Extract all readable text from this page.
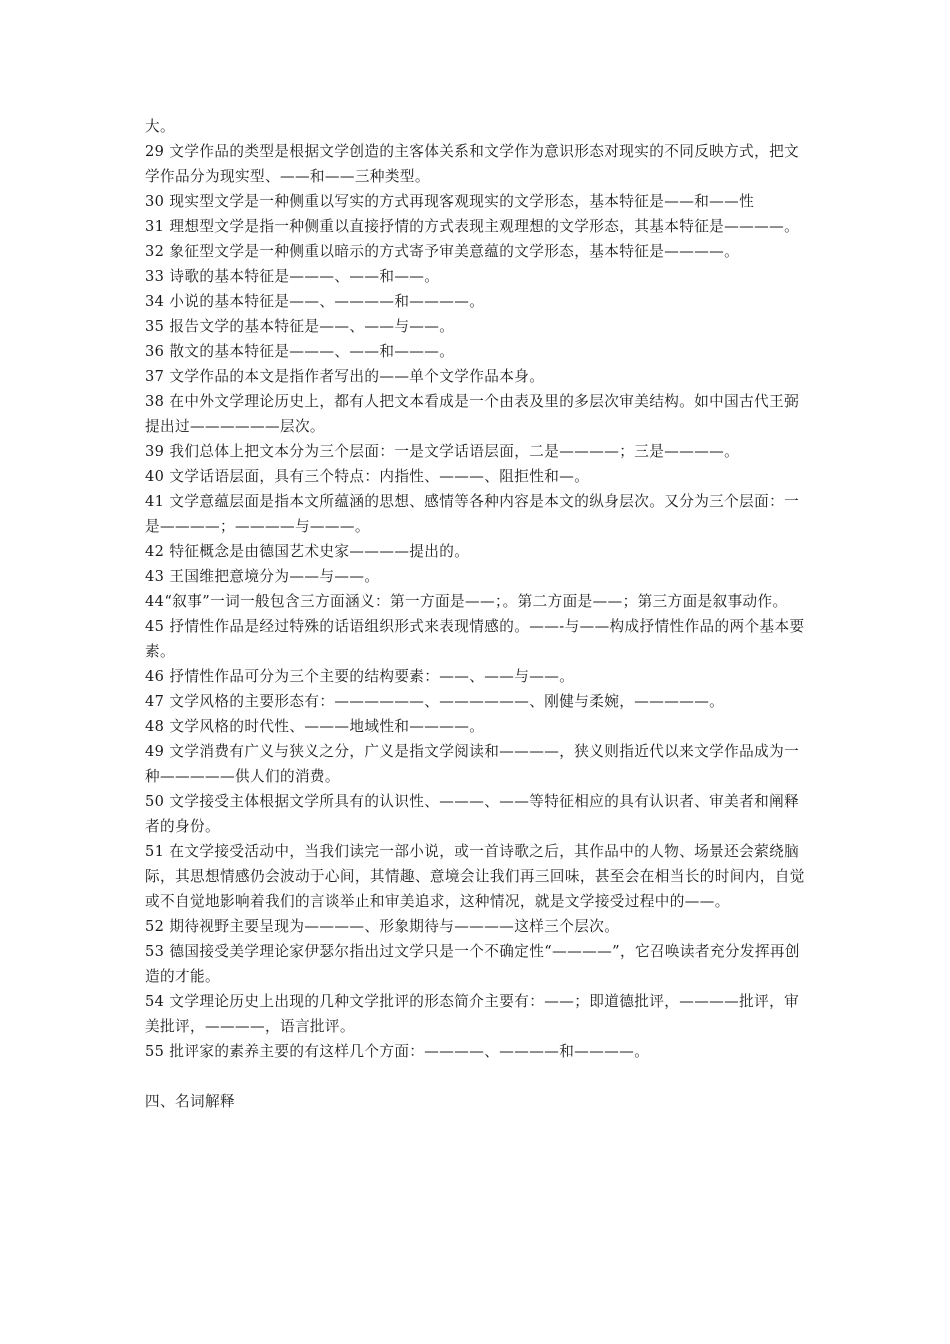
大。

29 文学作品的类型是根据文学创造的主客体关系和文学作为意识形态对现实的不同反映方式，把文学作品分为现实型、——和——三种类型。

30 现实型文学是一种侧重以写实的方式再现客观现实的文学形态，基本特征是——和——性

31 理想型文学是指一种侧重以直接抒情的方式表现主观理想的文学形态，其基本特征是————。

32 象征型文学是一种侧重以暗示的方式寄予审美意蕴的文学形态，基本特征是————。

33 诗歌的基本特征是———、——和——。

34 小说的基本特征是——、————和————。

35 报告文学的基本特征是——、——与——。

36 散文的基本特征是———、——和———。

37 文学作品的本文是指作者写出的——单个文学作品本身。

38 在中外文学理论历史上，都有人把文本看成是一个由表及里的多层次审美结构。如中国古代王弼提出过——————层次。

39 我们总体上把文本分为三个层面：一是文学话语层面，二是————；三是————。

40 文学话语层面，具有三个特点：内指性、———、阻拒性和—。

41 文学意蕴层面是指本文所蕴涵的思想、感情等各种内容是本文的纵身层次。又分为三个层面：一是————；————与———。

42 特征概念是由德国艺术史家————提出的。

43 王国维把意境分为——与——。

44“叙事”一词一般包含三方面涵义：第一方面是——；。第二方面是——；第三方面是叙事动作。

45 抒情性作品是经过特殊的话语组织形式来表现情感的。——-与——构成抒情性作品的两个基本要素。

46 抒情性作品可分为三个主要的结构要素：——、——与——。

47 文学风格的主要形态有：——————、——————、刚健与柔婉，—————。

48 文学风格的时代性、———地域性和————。

49 文学消费有广义与狭义之分，广义是指文学阅读和————，狭义则指近代以来文学作品成为一种—————供人们的消费。

50 文学接受主体根据文学所具有的认识性、———、——等特征相应的具有认识者、审美者和阐释者的身份。

51 在文学接受活动中，当我们读完一部小说，或一首诗歌之后，其作品中的人物、场景还会萦绕脑际，其思想情感仍会波动于心间，其情趣、意境会让我们再三回味，甚至会在相当长的时间内，自觉或不自觉地影响着我们的言谈举止和审美追求，这种情况，就是文学接受过程中的——。

52 期待视野主要呈现为————、形象期待与————这样三个层次。

53 德国接受美学理论家伊瑟尔指出过文学只是一个不确定性“————”，它召唤读者充分发挥再创造的才能。

54 文学理论历史上出现的几种文学批评的形态简介主要有：——；即道德批评，————批评，审美批评，————，语言批评。

55 批评家的素养主要的有这样几个方面：————、————和————。

四、名词解释
